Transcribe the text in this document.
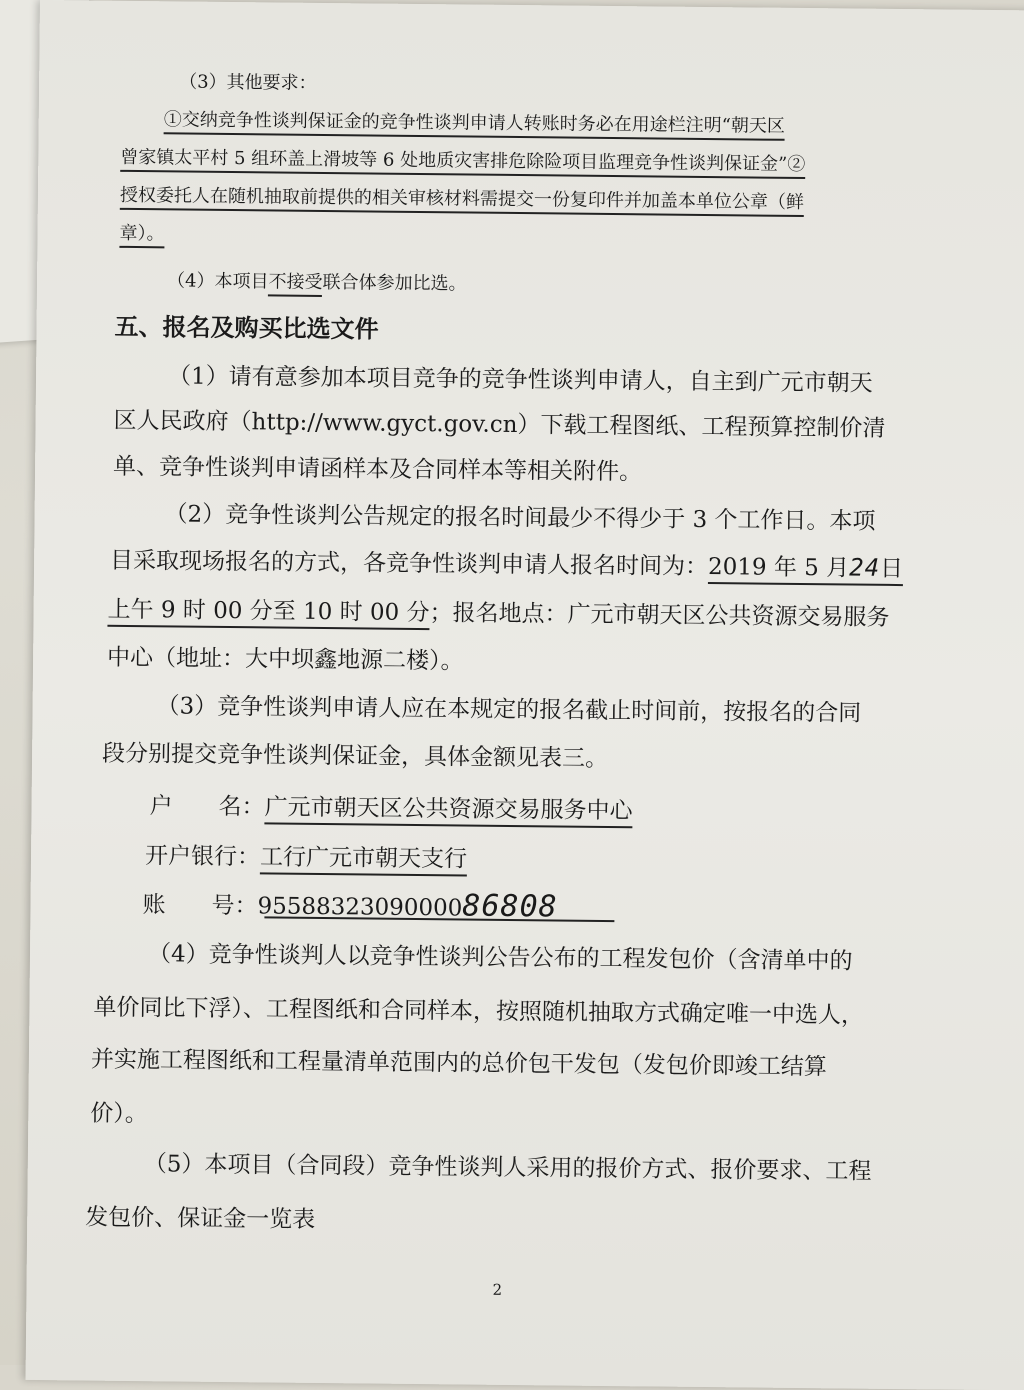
（3）其他要求：
①交纳竞争性谈判保证金的竞争性谈判申请人转账时务必在用途栏注明“朝天区
曾家镇太平村 5 组环盖上滑坡等 6 处地质灾害排危除险项目监理竞争性谈判保证金”②
授权委托人在随机抽取前提供的相关审核材料需提交一份复印件并加盖本单位公章（鲜
章）。
（4）本项目不接受联合体参加比选。
五、报名及购买比选文件
（1）请有意参加本项目竞争的竞争性谈判申请人，自主到广元市朝天
区人民政府（http://www.gyct.gov.cn）下载工程图纸、工程预算控制价清
单、竞争性谈判申请函样本及合同样本等相关附件。
（2）竞争性谈判公告规定的报名时间最少不得少于 3 个工作日。本项
目采取现场报名的方式，各竞争性谈判申请人报名时间为：2019 年 5 月24日
上午 9 时 00 分至 10 时 00 分；报名地点：广元市朝天区公共资源交易服务
中心（地址：大中坝鑫地源二楼）。
（3）竞争性谈判申请人应在本规定的报名截止时间前，按报名的合同
段分别提交竞争性谈判保证金，具体金额见表三。
户　　名：广元市朝天区公共资源交易服务中心
开户银行：工行广元市朝天支行
账　　号：9558832309000086808
（4）竞争性谈判人以竞争性谈判公告公布的工程发包价（含清单中的
单价同比下浮）、工程图纸和合同样本，按照随机抽取方式确定唯一中选人，
并实施工程图纸和工程量清单范围内的总价包干发包（发包价即竣工结算
价）。
（5）本项目（合同段）竞争性谈判人采用的报价方式、报价要求、工程
发包价、保证金一览表
2
